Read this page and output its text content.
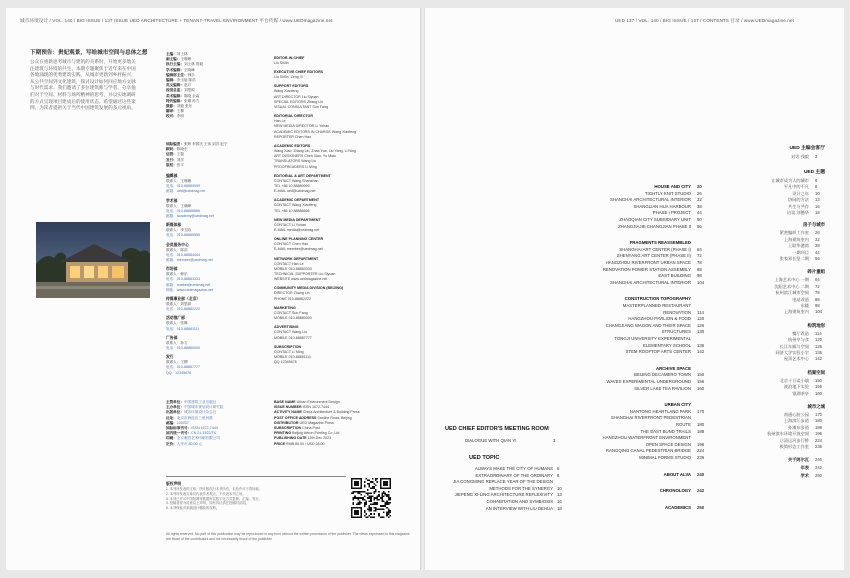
城市环境设计 / VOL. 140 / BIG ISSUE / 137 ISSUE UED ARCHITECTURE + TENANT-TRAVEL ENVIRONMENT 平台传媒 / www.UEDmagazine.net
下期预告：贵妃观景，写给城市空间与总体之想
公众在重新思考城市与建筑的关系时，开始更多地关注建筑与环境的共生。本期专题聚焦于近年来在中国各地涌现的优秀建筑实践，从城市更新到乡村振兴，从公共空间到文化建筑，探讨设计如何回应地方文脉与时代需求。我们邀请了多位建筑师与学者，分享他们对于空间、材料与场所精神的思考，并以实地调研的方式呈现项目建成后的使用状态。希望通过这些案例，为读者提供关于当代中国建筑发展的多元视角。
主编：刘士林
副主编：王珊珊
执行主编：刘士林 曾毅
学术编辑：王晓峰
编辑部主任：韩乐
编辑：李玉晗 陈浩
英文编辑：赵月
视觉总监：刘思源
美术编辑：陈晓 余淼
特约编辑：张琳 孙方
摄影：刘毅 张东
翻译：王柳
校对：李明
国际编委：张辉 李国庆 王伟 刘洋 赵宁
顾问：陈晓东
运营：王磊
发行：刘洋
版权：张宇
编辑部
联系人：王珊珊
电话：010-88889999
邮箱：ued@uedmag.net
学术部
联系人：王晓峰
电话：010-88886666
邮箱：academy@uedmag.net
新媒体部
联系人：李玉晗
电话：010-88885555
会员服务中心
联系人：陈浩
电话：010-88884444
邮箱：member@uedmag.net
市场部
联系人：韩乐
电话：010-88883333
邮箱：market@uedmag.net
网址：www.uedmagazine.net
传媒事业部（北京）
联系人：刘思源
电话：010-88882222
活动推广部
联系人：张琳
电话：010-88881111
广告部
联系人：孙方
电话：010-88880000
发行
联系人：王柳
电话：010-88887777
QQ：12345678
EDITOR-IN-CHIEF
Liu Shilin
EXECUTIVE CHIEF EDITORS
Liu Shilin, Zeng Yi
SUPPORT EDITORS
Wang Xiaofeng
ART DIRECTOR Liu Siyuan
SPECIAL EDITORS Zhang Lin
VISUAL CONSULTANT Sun Fang
EDITORIAL DIRECTOR
Han Le
NEW MEDIA DIRECTOR Li Yuhan
ACADEMIC EDITORS IN CHARGE Wang Xiaofeng
REPORTER Chen Hao
ACADEMIC EDITORS
Wang Xiao, Zhang Lin, Zhao Yue, Liu Yang, Li Ning
ART DESIGNERS Chen Xiao, Yu Miao
TRANSLATORS Wang Liu
PROOFREADERS Li Ming
EDITORIAL & ART DEPARTMENT
CONTACT Wang Shanshan
TEL +86 10 88889999
E-MAIL ued@uedmag.net
ACADEMIC DEPARTMENT
CONTACT Wang Xiaofeng
TEL +86 10 88886666
NEW MEDIA DEPARTMENT
CONTACT Li Yuhan
E-MAIL media@uedmag.net
ONLINE PLANNING CENTER
CONTACT Chen Hao
E-MAIL member@uedmag.net
NETWORK DEPARTMENT
CONTACT Han Le
MOBILE 010-88883333
TECHNICAL SUPPORTER Liu Siyuan
WEBSITE www.uedmagazine.net
COMMUNITY MEDIA DIVISION (BEIJING)
DIRECTOR Zhang Lin
PHONE 010-88882222
MARKETING
CONTACT Sun Fang
MOBILE 010-88880000
ADVERTISING
CONTACT Wang Liu
MOBILE 010-88887777
SUBSCRIPTION
CONTACT Li Ming
MOBILE 010-88881111
QQ 12345678
主管单位：中国建筑工业出版社
主办单位：中国城市规划设计研究院
出版单位：城市环境设计杂志社
社址：北京市海淀区三里河路
邮编：100037
国际标准刊号：ISSN 1672-7444
国内统一刊号：CN 21-1522/TU
印刷：北京雅昌艺术印刷有限公司
定价：人民币 80.00 元
BASE NAME Urban Environment Design
ISSUE NUMBER ISSN 1672-7444
ACTIVITY NAME China Architecture & Building Press
POST OFFICE ADDRESS Sanlihe Road, Beijing
DISTRIBUTOR UED Magazine Press
SUBSCRIPTION China Post
PRINTING Beijing Artron Printing Co.,Ltd
PUBLISHING DATE 15th Dec 2023
PRICE RMB 80.00 / USD 28.00
版权声明
1. 本刊所发表的文章、图片版权归本刊所有，未经许可不得转载。
2. 本刊所发表文章仅代表作者观点，不代表本刊立场。
3. 本刊已许可中国知网等数据库以数字化方式复制、汇编、发行。
4. 投稿者视为同意以上声明，如有异议请在投稿时说明。
5. 本刊保留对来稿进行删改的权利。
All rights reserved. No part of this publication may be reproduced in any form without the written permission of the publisher. The views expressed in this magazine are those of the contributors and not necessarily those of the publisher.
UED 137 / VOL. 140 / BIG ISSUE / 137 / CONTENTS 目录 / www.UEDmagazine.net
HOUSE AND CITY 20
TIGHTLY KNIT STUDIO 26
SHANGHAI ARCHITECTURAL INTERIOR 32
SHANGLIAN HUA HARBOUR 38
PHASE I PROJECT 44
ZHAOQIAN CITY SUBSIDIARY UNIT 50
ZHANGJIAJIE CHANGJIAN PHASE II 56
FRAGMENTS REASSEMBLED
SHANGHAI ART CENTER (PHASE I) 64
SHENYANG ART CENTER (PHASE II) 72
HANGZHOU RIVERFRONT URBAN SPACE 78
RENOVATION POWER STATION ASSEMBLY 88
EAST BUILDING 98
SHANGHAI ARCHITECTURAL INTERIOR 104
CONSTRUCTION TOPOGRAPHY
MASTERPLANNED RESTAURANT
RENOVATION 114
HANGZHOU PAVILION & FOOD 120
CHANGJIANG WAGON AND THEIR SPACE 126
STRUCTURES 130
TONGJI UNIVERSITY EXPERIMENTAL
ELEMENTARY SCHOOL 136
STEM ROOFTOP ARTS CENTER 142
ARCHIVE SPACE
BEIJING DECAMERO TOWN 150
WAVES EXPERIMENTAL UNDERGROUND 156
SILVER LAKE TEA PAVILION 160
URBAN CITY
NANTONG HEARTLAND PARK 170
SHANGHAI RIVERFRONT PEDESTRIAN
ROUTE 180
THE EAST BUND TRAILS 188
HANGZHOU WATERFRONT ENVIRONMENT
OPEN SPACE DESIGN 196
RANGQING CANAL PEDESTRIAN BRIDGE 224
MINIMAL FORMS STUDIO 236
ABOUT ALVA 240
CHRONOLOGY 242
ACADEMICS 250
UED CHIEF EDITOR'S MEETING ROOM
DIALOGUE WITH QIAN YI	3
UED TOPIC
ALWAYS MAKE THE CITY OF HUMANS 6
EXTRAORDINARY OF THE ORDINARY 8
JIA CONGMING REPLACE YEAR OF THE DESIGN
METHODS FOR THE SYNERGY 10
JIEPENG XI-LING ARCHITECTURE REFLEXIVITY 13
COHABITATION AND SYMBIOSIS 16
AN INTERVIEW WITH LIU DEHUA 18
UED 主编会客厅
对话 钱毅 3
UED 主题
让城市成为人的城市 6
平凡中的不凡 8
设计之年 10
协同的方法 13
共生与共存 16
访谈 刘德华 18
房子与城市
紧密编织工作室 26
上海建筑室内 32
上联华港湾 38
一期项目 44
张家界长坚二期 56
碎片重组
上海艺术中心 一期 64
沈阳艺术中心 二期 72
杭州滨江城市空间 78
电站改造 88
东楼 98
上海建筑室内 104
构筑地形
餐厅改造 114
杭州亭与食 120
长江车厢与空间 126
同济大学实验小学 136
屋顶艺术中心 142
档案空间
北京十日谈小镇 150
波浪地下实验 156
银湖茶亭 160
城市之城
南通心脏公园 170
上海滨江步道 180
外滩东步道 188
杭州滨水环境开放空间 196
让清运河步行桥 224
极简形态工作室 236
关于阿尔瓦 240
年表 242
学术 250
